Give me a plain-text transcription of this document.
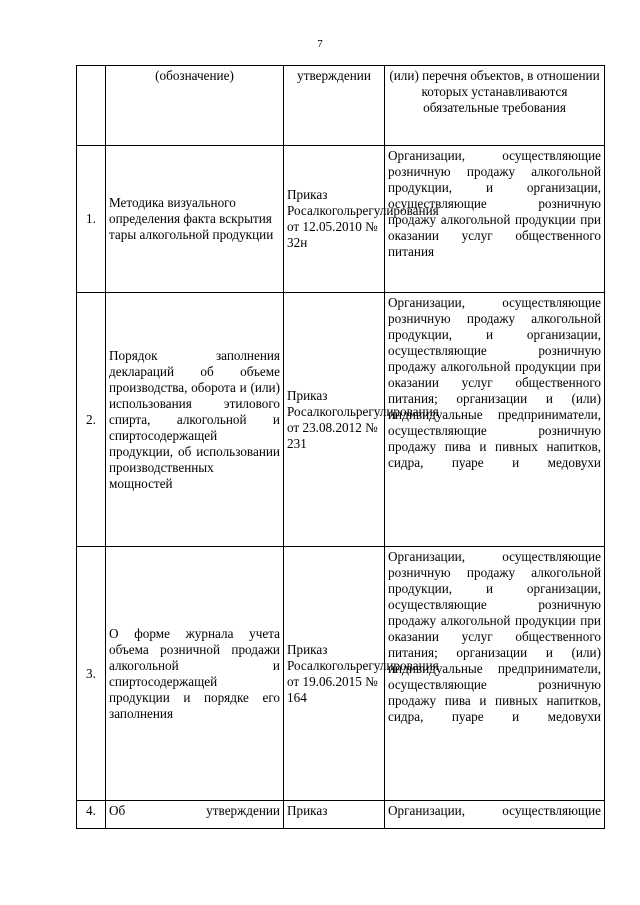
7
	(обозначение)	утверждении	(или) перечня объектов, в отношении которых устанавливаются обязательные требования
1.	Методика визуального определения факта вскрытия тары алкогольной продукции	Приказ Росалкогольрегулирования от 12.05.2010 № 32н	Организации, осуществляющие розничную продажу алкогольной продукции, и организации, осуществляющие розничную продажу алкогольной продукции при оказании услуг общественного питания
2.	Порядок заполнения деклараций об объеме производства, оборота и (или) использования этилового спирта, алкогольной и спиртосодержащей продукции, об использовании производственных мощностей	Приказ Росалкогольрегулирования от 23.08.2012 № 231	Организации, осуществляющие розничную продажу алкогольной продукции, и организации, осуществляющие розничную продажу алкогольной продукции при оказании услуг общественного питания; организации и (или) индивидуальные предприниматели, осуществляющие розничную продажу пива и пивных напитков, сидра, пуаре и медовухи
3.	О форме журнала учета объема розничной продажи алкогольной и спиртосодержащей продукции и порядке его заполнения	Приказ Росалкогольрегулирования от 19.06.2015 № 164	Организации, осуществляющие розничную продажу алкогольной продукции, и организации, осуществляющие розничную продажу алкогольной продукции при оказании услуг общественного питания; организации и (или) индивидуальные предприниматели, осуществляющие розничную продажу пива и пивных напитков, сидра, пуаре и медовухи
4.	Об утверждении	Приказ	Организации, осуществляющие
